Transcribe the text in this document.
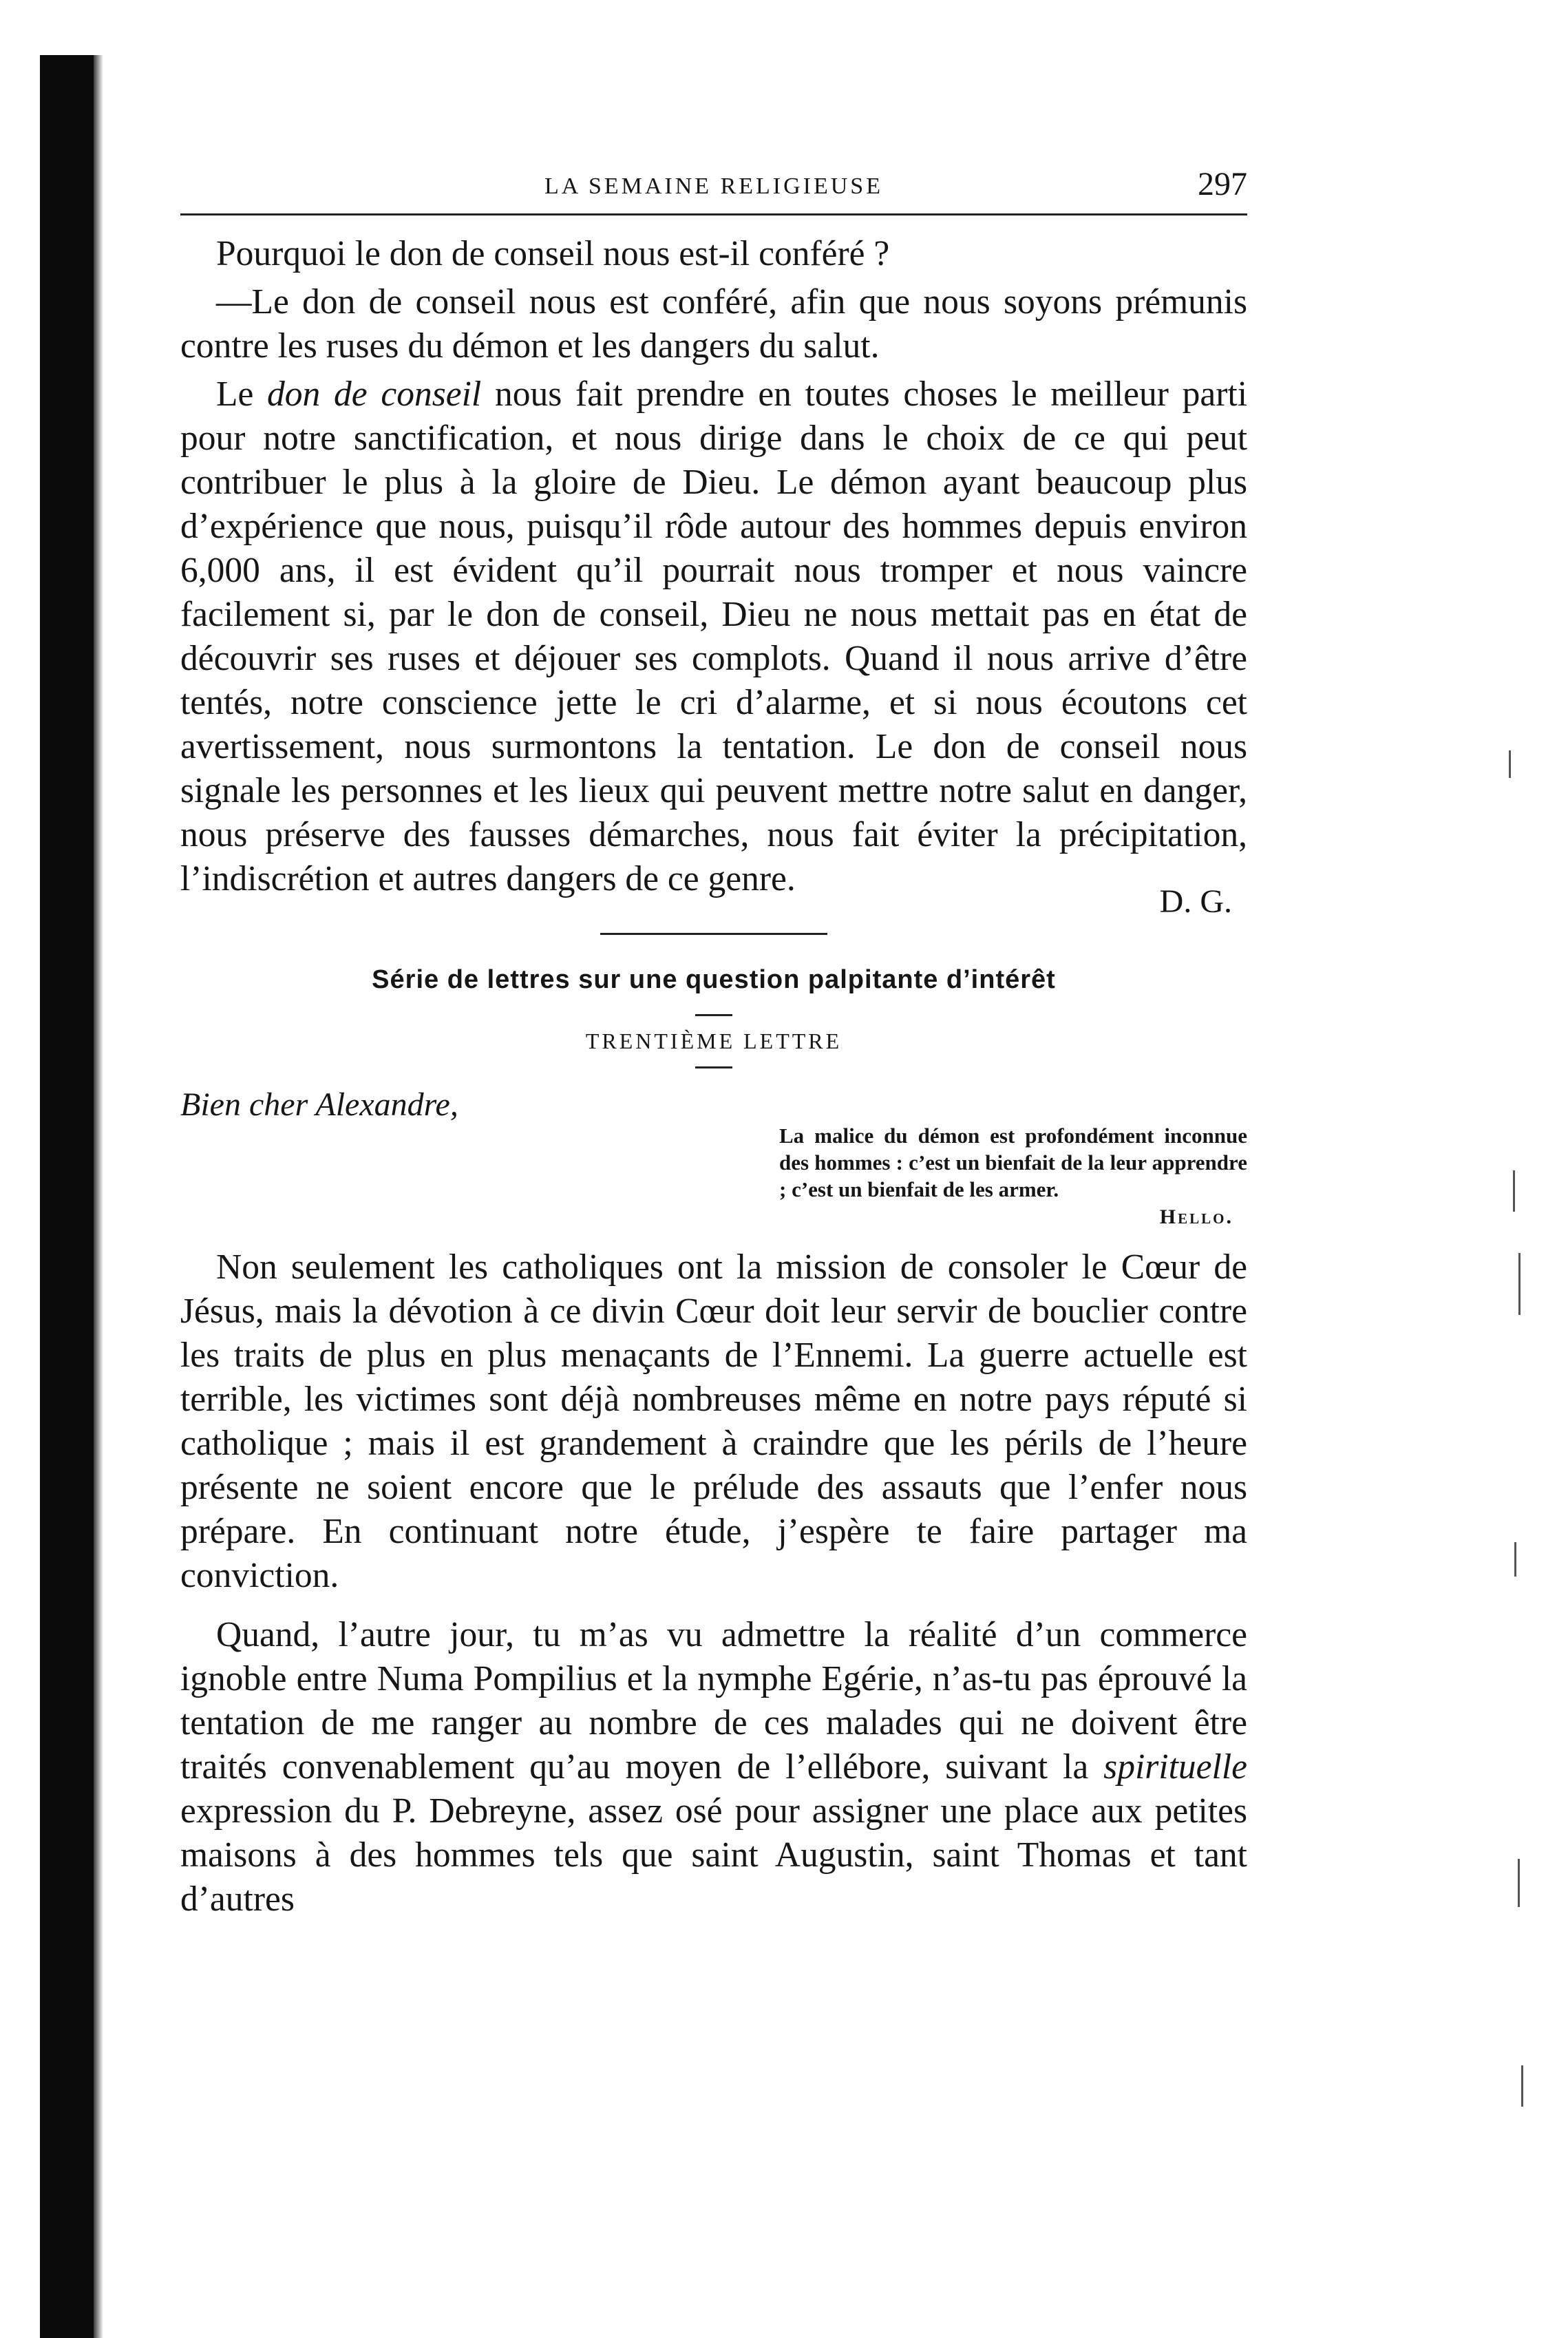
LA SEMAINE RELIGIEUSE	297

Pourquoi le don de conseil nous est-il conféré ?

—Le don de conseil nous est conféré, afin que nous soyons prémunis contre les ruses du démon et les dangers du salut.

Le don de conseil nous fait prendre en toutes choses le meilleur parti pour notre sanctification, et nous dirige dans le choix de ce qui peut contribuer le plus à la gloire de Dieu. Le démon ayant beaucoup plus d’expérience que nous, puisqu’il rôde autour des hommes depuis environ 6,000 ans, il est évident qu’il pourrait nous tromper et nous vaincre facilement si, par le don de conseil, Dieu ne nous mettait pas en état de découvrir ses ruses et déjouer ses complots. Quand il nous arrive d’être tentés, notre conscience jette le cri d’alarme, et si nous écoutons cet avertissement, nous surmontons la tentation. Le don de conseil nous signale les personnes et les lieux qui peuvent mettre notre salut en danger, nous préserve des fausses démarches, nous fait éviter la précipitation, l’indiscrétion et autres dangers de ce genre.

D. G.
Série de lettres sur une question palpitante d’intérêt
TRENTIÈME LETTRE
Bien cher Alexandre,
La malice du démon est profondément inconnue des hommes : c’est un bienfait de la leur apprendre ; c’est un bienfait de les armer.
Hello.

Non seulement les catholiques ont la mission de consoler le Cœur de Jésus, mais la dévotion à ce divin Cœur doit leur servir de bouclier contre les traits de plus en plus menaçants de l’Ennemi. La guerre actuelle est terrible, les victimes sont déjà nombreuses même en notre pays réputé si catholique ; mais il est grandement à craindre que les périls de l’heure présente ne soient encore que le prélude des assauts que l’enfer nous prépare. En continuant notre étude, j’espère te faire partager ma conviction.

Quand, l’autre jour, tu m’as vu admettre la réalité d’un commerce ignoble entre Numa Pompilius et la nymphe Egérie, n’as-tu pas éprouvé la tentation de me ranger au nombre de ces malades qui ne doivent être traités convenablement qu’au moyen de l’ellébore, suivant la spirituelle expression du P. Debreyne, assez osé pour assigner une place aux petites maisons à des hommes tels que saint Augustin, saint Thomas et tant d’autres
